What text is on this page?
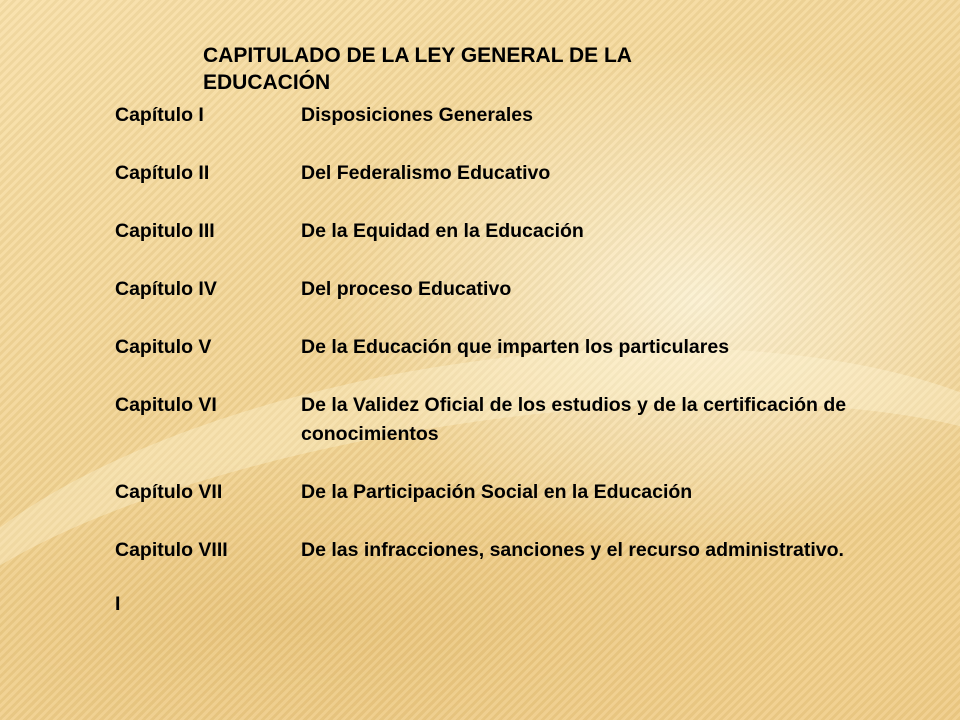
CAPITULADO DE LA LEY GENERAL DE LA EDUCACIÓN
Capítulo I	Disposiciones Generales
Capítulo II	Del Federalismo Educativo
Capitulo III	De la Equidad en la Educación
Capítulo IV	Del proceso Educativo
Capitulo V	De la Educación que imparten los particulares
Capitulo VI	De la Validez Oficial de los estudios y de la certificación de conocimientos
Capítulo VII	De la Participación Social en la Educación
Capitulo VIII	De las infracciones, sanciones y el recurso administrativo.
I
